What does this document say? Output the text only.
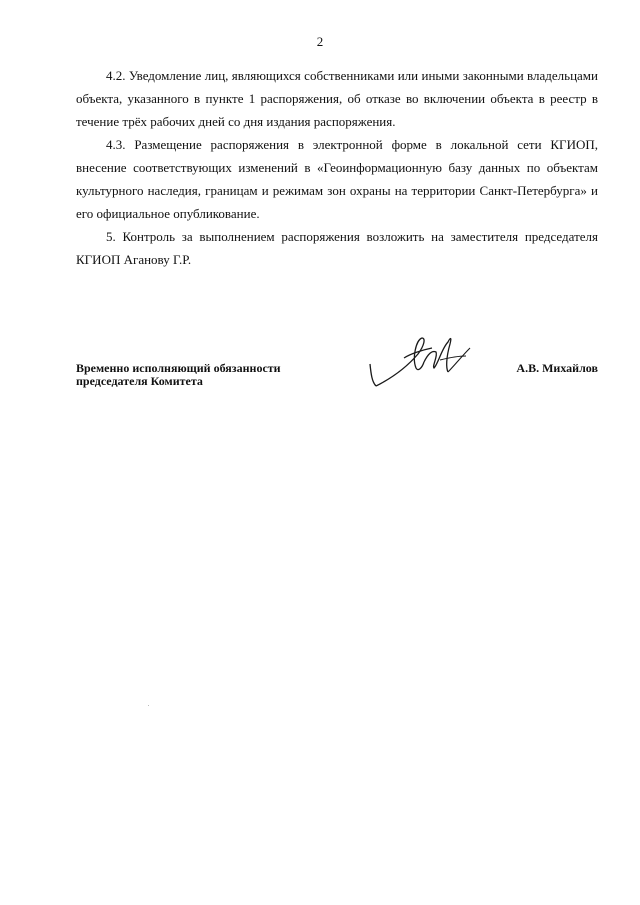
2

4.2. Уведомление лиц, являющихся собственниками или иными законными владельцами объекта, указанного в пункте 1 распоряжения, об отказе во включении объекта в реестр в течение трёх рабочих дней со дня издания распоряжения.

4.3. Размещение распоряжения в электронной форме в локальной сети КГИОП, внесение соответствующих изменений в «Геоинформационную базу данных по объектам культурного наследия, границам и режимам зон охраны на территории Санкт-Петербурга» и его официальное опубликование.

5. Контроль за выполнением распоряжения возложить на заместителя председателя КГИОП Аганову Г.Р.

Временно исполняющий обязанности
председателя Комитета
А.В. Михайлов
